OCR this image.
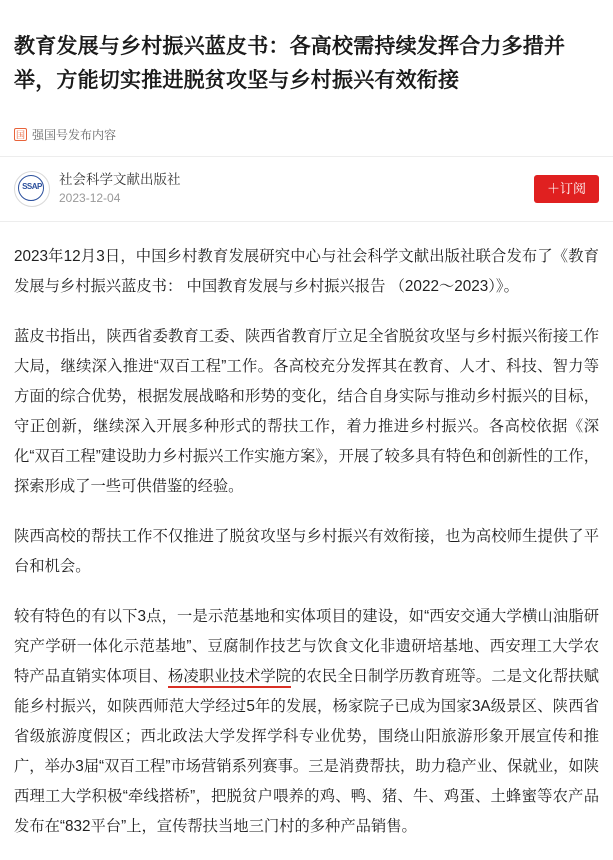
教育发展与乡村振兴蓝皮书：各高校需持续发挥合力多措并举，方能切实推进脱贫攻坚与乡村振兴有效衔接
国 强国号发布内容
SSAP	社会科学文献出版社
2023-12-04
＋订阅

2023年12月3日，中国乡村教育发展研究中心与社会科学文献出版社联合发布了《教育发展与乡村振兴蓝皮书： 中国教育发展与乡村振兴报告 （2022～2023）》。

蓝皮书指出，陕西省委教育工委、陕西省教育厅立足全省脱贫攻坚与乡村振兴衔接工作大局，继续深入推进“双百工程”工作。各高校充分发挥其在教育、人才、科技、智力等方面的综合优势，根据发展战略和形势的变化，结合自身实际与推动乡村振兴的目标，守正创新，继续深入开展多种形式的帮扶工作，着力推进乡村振兴。各高校依据《深化“双百工程”建设助力乡村振兴工作实施方案》，开展了较多具有特色和创新性的工作，探索形成了一些可供借鉴的经验。

陕西高校的帮扶工作不仅推进了脱贫攻坚与乡村振兴有效衔接，也为高校师生提供了平台和机会。

较有特色的有以下3点，一是示范基地和实体项目的建设，如“西安交通大学横山油脂研究产学研一体化示范基地”、豆腐制作技艺与饮食文化非遗研培基地、西安理工大学农特产品直销实体项目、杨凌职业技术学院的农民全日制学历教育班等。二是文化帮扶赋能乡村振兴，如陕西师范大学经过5年的发展，杨家院子已成为国家3A级景区、陕西省省级旅游度假区；西北政法大学发挥学科专业优势，围绕山阳旅游形象开展宣传和推广，举办3届“双百工程”市场营销系列赛事。三是消费帮扶，助力稳产业、保就业，如陕西理工大学积极“牵线搭桥”，把脱贫户喂养的鸡、鸭、猪、牛、鸡蛋、土蜂蜜等农产品发布在“832平台”上，宣传帮扶当地三门村的多种产品销售。
